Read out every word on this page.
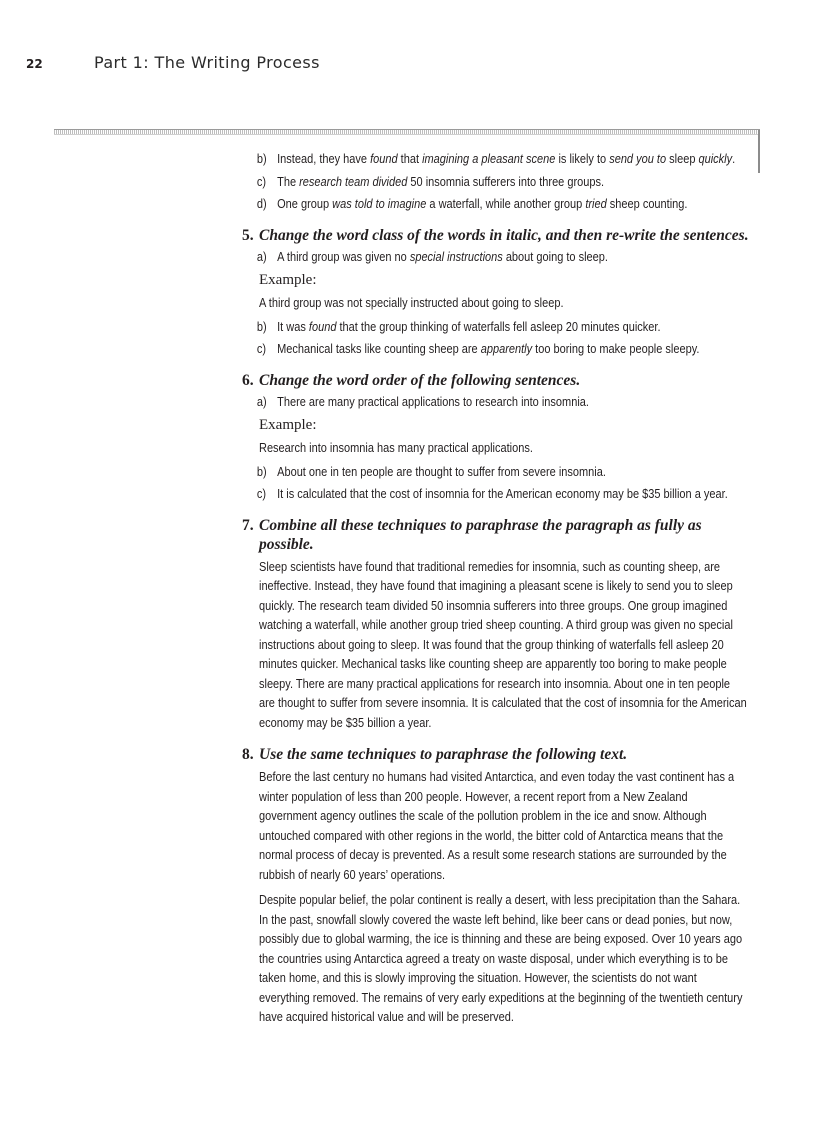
22	Part 1: The Writing Process
b) Instead, they have found that imagining a pleasant scene is likely to send you to sleep quickly.
c) The research team divided 50 insomnia sufferers into three groups.
d) One group was told to imagine a waterfall, while another group tried sheep counting.
5. Change the word class of the words in italic, and then re-write the sentences.
a) A third group was given no special instructions about going to sleep.
Example:
A third group was not specially instructed about going to sleep.
b) It was found that the group thinking of waterfalls fell asleep 20 minutes quicker.
c) Mechanical tasks like counting sheep are apparently too boring to make people sleepy.
6. Change the word order of the following sentences.
a) There are many practical applications to research into insomnia.
Example:
Research into insomnia has many practical applications.
b) About one in ten people are thought to suffer from severe insomnia.
c) It is calculated that the cost of insomnia for the American economy may be $35 billion a year.
7. Combine all these techniques to paraphrase the paragraph as fully as possible.
Sleep scientists have found that traditional remedies for insomnia, such as counting sheep, are ineffective. Instead, they have found that imagining a pleasant scene is likely to send you to sleep quickly. The research team divided 50 insomnia sufferers into three groups. One group imagined watching a waterfall, while another group tried sheep counting. A third group was given no special instructions about going to sleep. It was found that the group thinking of waterfalls fell asleep 20 minutes quicker. Mechanical tasks like counting sheep are apparently too boring to make people sleepy. There are many practical applications for research into insomnia. About one in ten people are thought to suffer from severe insomnia. It is calculated that the cost of insomnia for the American economy may be $35 billion a year.
8. Use the same techniques to paraphrase the following text.
Before the last century no humans had visited Antarctica, and even today the vast continent has a winter population of less than 200 people. However, a recent report from a New Zealand government agency outlines the scale of the pollution problem in the ice and snow. Although untouched compared with other regions in the world, the bitter cold of Antarctica means that the normal process of decay is prevented. As a result some research stations are surrounded by the rubbish of nearly 60 years’ operations.
Despite popular belief, the polar continent is really a desert, with less precipitation than the Sahara. In the past, snowfall slowly covered the waste left behind, like beer cans or dead ponies, but now, possibly due to global warming, the ice is thinning and these are being exposed. Over 10 years ago the countries using Antarctica agreed a treaty on waste disposal, under which everything is to be taken home, and this is slowly improving the situation. However, the scientists do not want everything removed. The remains of very early expeditions at the beginning of the twentieth century have acquired historical value and will be preserved.
